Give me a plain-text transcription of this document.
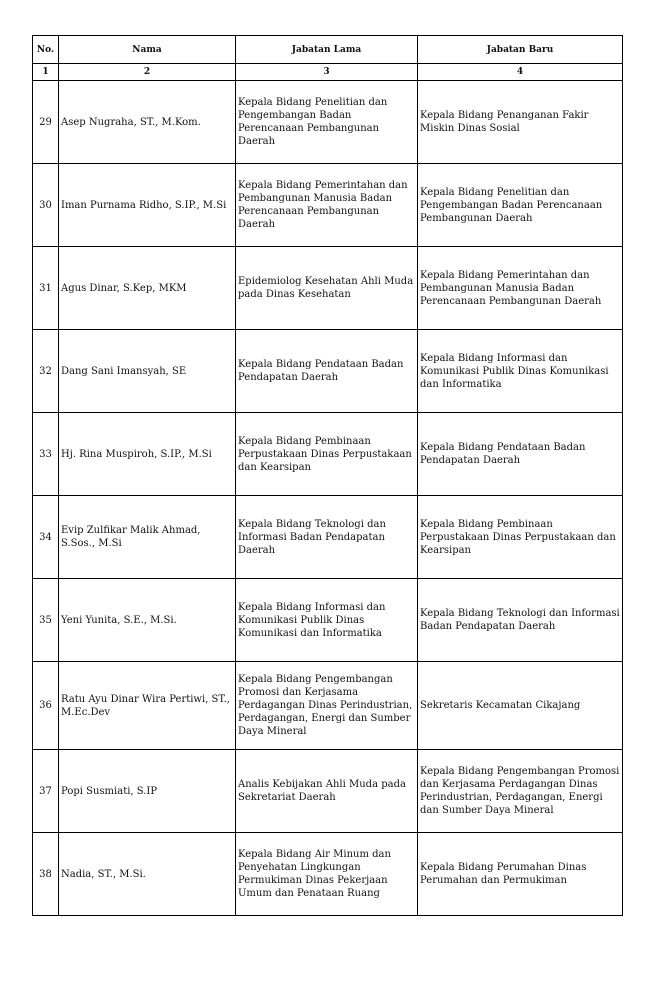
No.	Nama	Jabatan Lama	Jabatan Baru
1	2	3	4
29	Asep Nugraha, ST., M.Kom.	Kepala Bidang Penelitian dan Pengembangan Badan Perencanaan Pembangunan Daerah	Kepala Bidang Penanganan Fakir Miskin Dinas Sosial
30	Iman Purnama Ridho, S.IP., M.Si	Kepala Bidang Pemerintahan dan Pembangunan Manusia Badan Perencanaan Pembangunan Daerah	Kepala Bidang Penelitian dan Pengembangan Badan Perencanaan Pembangunan Daerah
31	Agus Dinar, S.Kep, MKM	Epidemiolog Kesehatan Ahli Muda pada Dinas Kesehatan	Kepala Bidang Pemerintahan dan Pembangunan Manusia Badan Perencanaan Pembangunan Daerah
32	Dang Sani Imansyah, SE	Kepala Bidang Pendataan Badan Pendapatan Daerah	Kepala Bidang Informasi dan Komunikasi Publik Dinas Komunikasi dan Informatika
33	Hj. Rina Muspiroh, S.IP., M.Si	Kepala Bidang Pembinaan Perpustakaan Dinas Perpustakaan dan Kearsipan	Kepala Bidang Pendataan Badan Pendapatan Daerah
34	Evip Zulfikar Malik Ahmad, S.Sos., M.Si	Kepala Bidang Teknologi dan Informasi Badan Pendapatan Daerah	Kepala Bidang Pembinaan Perpustakaan Dinas Perpustakaan dan Kearsipan
35	Yeni Yunita, S.E., M.Si.	Kepala Bidang Informasi dan Komunikasi Publik Dinas Komunikasi dan Informatika	Kepala Bidang Teknologi dan Informasi Badan Pendapatan Daerah
36	Ratu Ayu Dinar Wira Pertiwi, ST., M.Ec.Dev	Kepala Bidang Pengembangan Promosi dan Kerjasama Perdagangan Dinas Perindustrian, Perdagangan, Energi dan Sumber Daya Mineral	Sekretaris Kecamatan Cikajang
37	Popi Susmiati, S.IP	Analis Kebijakan Ahli Muda pada Sekretariat Daerah	Kepala Bidang Pengembangan Promosi dan Kerjasama Perdagangan Dinas Perindustrian, Perdagangan, Energi dan Sumber Daya Mineral
38	Nadia, ST., M.Si.	Kepala Bidang Air Minum dan Penyehatan Lingkungan Permukiman Dinas Pekerjaan Umum dan Penataan Ruang	Kepala Bidang Perumahan Dinas Perumahan dan Permukiman
